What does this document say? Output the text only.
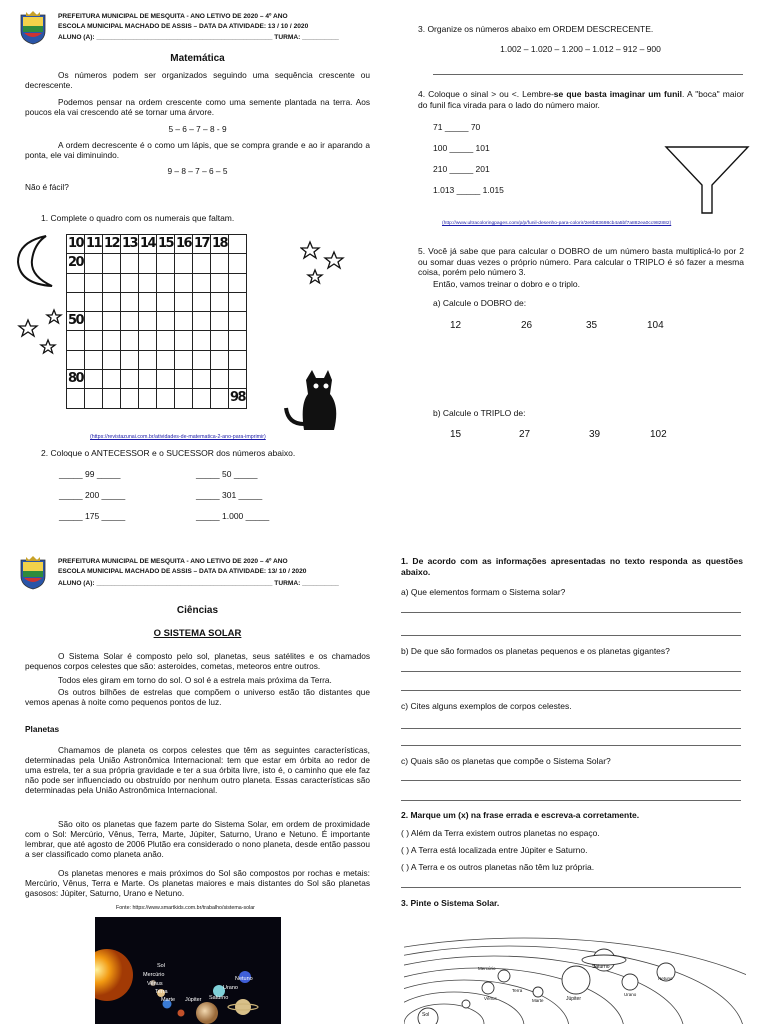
PREFEITURA MUNICIPAL DE MESQUITA - ANO LETIVO DE 2020 – 4º ANO
ESCOLA MUNICIPAL MACHADO DE ASSIS – DATA DA ATIVIDADE: 13 / 10 / 2020
ALUNO (A): ________________________________________________ TURMA: __________
Matemática
Os números podem ser organizados seguindo uma sequência crescente ou decrescente.
Podemos pensar na ordem crescente como uma semente plantada na terra. Aos poucos ela vai crescendo até se tornar uma árvore.
5 – 6 – 7 – 8 - 9
A ordem decrescente é o como um lápis, que se compra grande e ao ir aparando a ponta, ele vai diminuindo.
9 – 8 – 7 – 6 – 5
Não é fácil?
1. Complete o quadro com os numerais que faltam.
10	11	12	13	14	15	16	17	18	
20									

50									

80									
									98
(https://revistazunai.com.br/atividades-de-matematica-2-ano-para-imprimir)
2. Coloque o ANTECESSOR e o SUCESSOR dos números abaixo.
_____ 99 _____	_____ 50 _____
_____ 200 _____	_____ 301 _____
_____ 175 _____	_____ 1.000 _____
3. Organize os números abaixo em ORDEM DESCRECENTE.
1.002 – 1.020 – 1.200 – 1.012 – 912 – 900
4. Coloque o sinal > ou <. Lembre-se que basta imaginar um funil. A "boca" maior do funil fica virada para o lado do número maior.
71 _____ 70
100 _____ 101
210 _____ 201
1.013 _____ 1.015
(http://www.ultracoloringpages.com/p/p/funil-desenho-para-colorir/2e8b83698cb4a5bf7a882ea0cc982882)
5. Você já sabe que para calcular o DOBRO de um número basta multiplicá-lo por 2 ou somar duas vezes o próprio número. Para calcular o TRIPLO é só fazer a mesma coisa, porém pelo número 3.
Então, vamos treinar o dobro e o triplo.
a) Calcule o DOBRO de:
12	26	35	104
b) Calcule o TRIPLO de:
15	27	39	102
PREFEITURA MUNICIPAL DE MESQUITA - ANO LETIVO DE 2020 – 4º ANO
ESCOLA MUNICIPAL MACHADO DE ASSIS – DATA DA ATIVIDADE: 13/ 10 / 2020
ALUNO (A): ________________________________________________ TURMA: __________
Ciências
O SISTEMA SOLAR
O Sistema Solar é composto pelo sol, planetas, seus satélites e os chamados pequenos corpos celestes que são: asteroides, cometas, meteoros entre outros.
Todos eles giram em torno do sol. O sol é a estrela mais próxima da Terra.
Os outros bilhões de estrelas que compõem o universo estão tão distantes que vemos apenas à noite como pequenos pontos de luz.
Planetas
Chamamos de planeta os corpos celestes que têm as seguintes características, determinadas pela União Astronômica Internacional: tem que estar em órbita ao redor de uma estrela, ter a sua própria gravidade e ter a sua órbita livre, isto é, o caminho que ele faz não pode ser influenciado ou obstruído por nenhum outro planeta. Essas características são determinadas pela União Astronômica Internacional.
São oito os planetas que fazem parte do Sistema Solar, em ordem de proximidade com o Sol: Mercúrio, Vênus, Terra, Marte, Júpiter, Saturno, Urano e Netuno. É importante lembrar, que até agosto de 2006 Plutão era considerado o nono planeta, desde então passou a ser classificado como planeta anão.
Os planetas menores e mais próximos do Sol são compostos por rochas e metais: Mercúrio, Vênus, Terra e Marte. Os planetas maiores e mais distantes do Sol são planetas gasosos: Júpiter, Saturno, Urano e Netuno.
Fonte: https://www.smartkids.com.br/trabalho/sistema-solar
Sol
Mercúrio
Vênus
Terra
Marte Júpiter Saturno
Urano
Netuno
1. De acordo com as informações apresentadas no texto responda as questões abaixo.
a) Que elementos formam o Sistema solar?
b) De que são formados os planetas pequenos e os planetas gigantes?
c) Cites alguns exemplos de corpos celestes.
c) Quais são os planetas que compõe o Sistema Solar?
2. Marque um (x) na frase errada e escreva-a corretamente.
( ) Além da Terra existem outros planetas no espaço.
( ) A Terra está localizada entre Júpiter e Saturno.
( ) A Terra e os outros planetas não têm luz própria.
3. Pinte o Sistema Solar.
Sol
Mercúrio
Vênus
Terra
Marte	Júpiter
Saturno
Urano
Netuno
